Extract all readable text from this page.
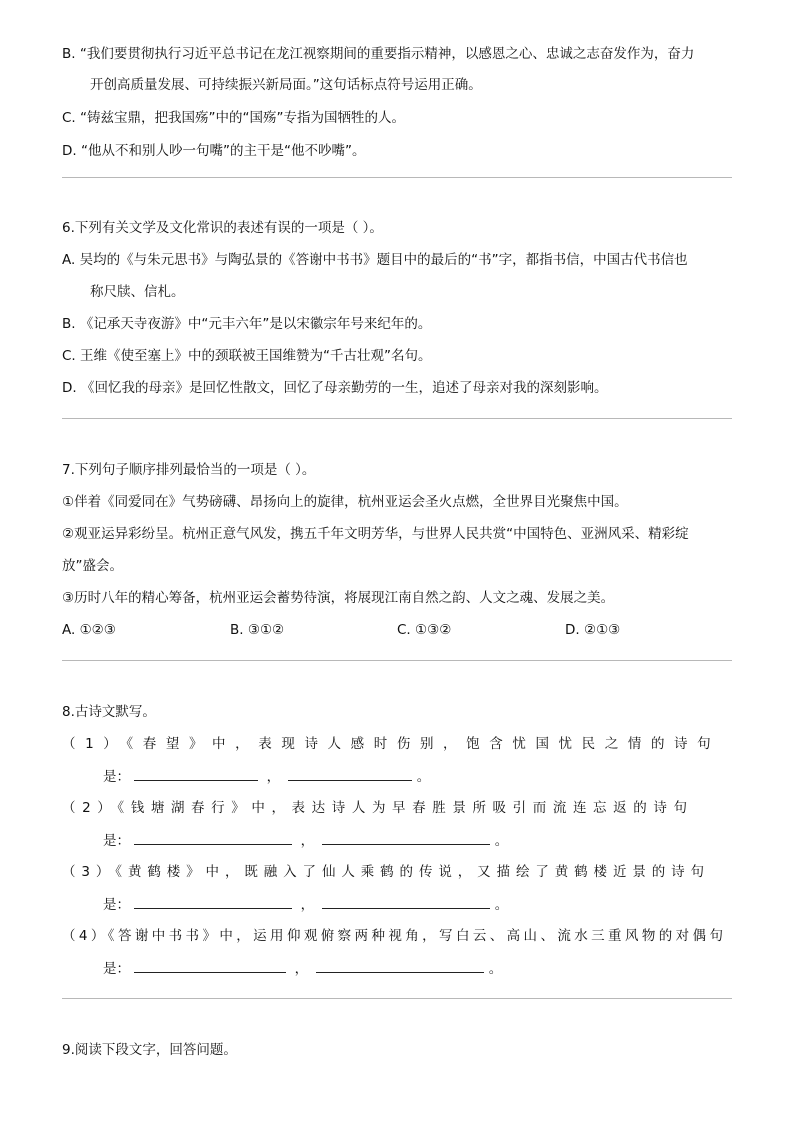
B. “我们要贯彻执行习近平总书记在龙江视察期间的重要指示精神，以感恩之心、忠诚之志奋发作为，奋力
开创高质量发展、可持续振兴新局面。”这句话标点符号运用正确。
C. “铸兹宝鼎，把我国殇”中的“国殇”专指为国牺牲的人。
D. “他从不和别人吵一句嘴”的主干是“他不吵嘴”。
6.下列有关文学及文化常识的表述有误的一项是（ ）。
A. 吴均的《与朱元思书》与陶弘景的《答谢中书书》题目中的最后的“书”字，都指书信，中国古代书信也
称尺牍、信札。
B. 《记承天寺夜游》中“元丰六年”是以宋徽宗年号来纪年的。
C. 王维《使至塞上》中的颈联被王国维赞为“千古壮观”名句。
D. 《回忆我的母亲》是回忆性散文，回忆了母亲勤劳的一生，追述了母亲对我的深刻影响。
7.下列句子顺序排列最恰当的一项是（ ）。
①伴着《同爱同在》气势磅礴、昂扬向上的旋律，杭州亚运会圣火点燃，全世界目光聚焦中国。
②观亚运异彩纷呈。杭州正意气风发，携五千年文明芳华，与世界人民共赏“中国特色、亚洲风采、精彩绽
放”盛会。
③历时八年的精心筹备，杭州亚运会蓄势待演，将展现江南自然之韵、人文之魂、发展之美。
A. ①②③	B. ③①②	C. ①③②	D. ②①③
8.古诗文默写。
（1）《春望》中，表现诗人感时伤别，饱含忧国忧民之情的诗句
是：	，	。
（2）《钱塘湖春行》中，表达诗人为早春胜景所吸引而流连忘返的诗句
是：	，	。
（3）《黄鹤楼》中，既融入了仙人乘鹤的传说，又描绘了黄鹤楼近景的诗句
是：	，	。
（4）《答谢中书书》中，运用仰观俯察两种视角，写白云、高山、流水三重风物的对偶句
是：	，	。
9.阅读下段文字，回答问题。
